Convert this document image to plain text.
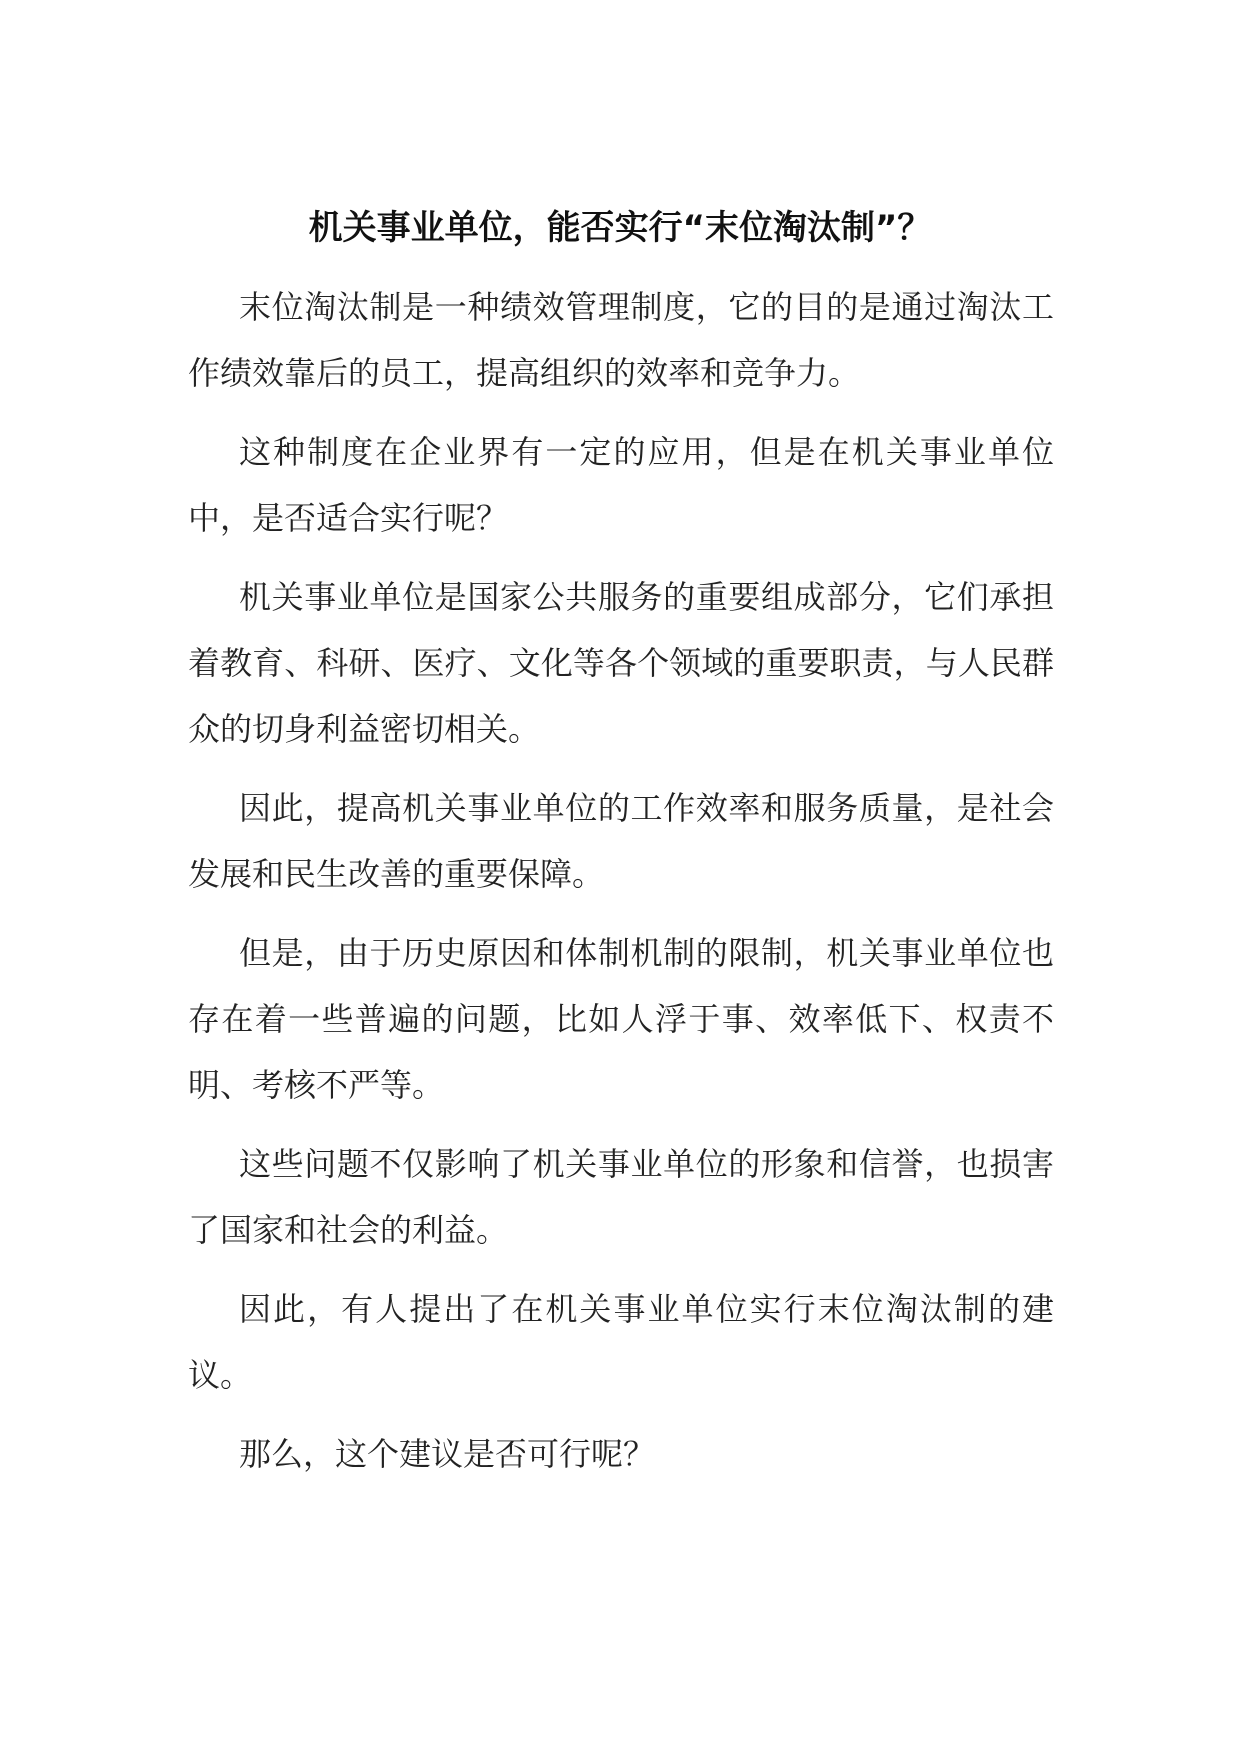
机关事业单位，能否实行“末位淘汰制”？

末位淘汰制是一种绩效管理制度，它的目的是通过淘汰工作绩效靠后的员工，提高组织的效率和竞争力。

这种制度在企业界有一定的应用，但是在机关事业单位中，是否适合实行呢？

机关事业单位是国家公共服务的重要组成部分，它们承担着教育、科研、医疗、文化等各个领域的重要职责，与人民群众的切身利益密切相关。

因此，提高机关事业单位的工作效率和服务质量，是社会发展和民生改善的重要保障。

但是，由于历史原因和体制机制的限制，机关事业单位也存在着一些普遍的问题，比如人浮于事、效率低下、权责不明、考核不严等。

这些问题不仅影响了机关事业单位的形象和信誉，也损害了国家和社会的利益。

因此，有人提出了在机关事业单位实行末位淘汰制的建议。

那么，这个建议是否可行呢？
